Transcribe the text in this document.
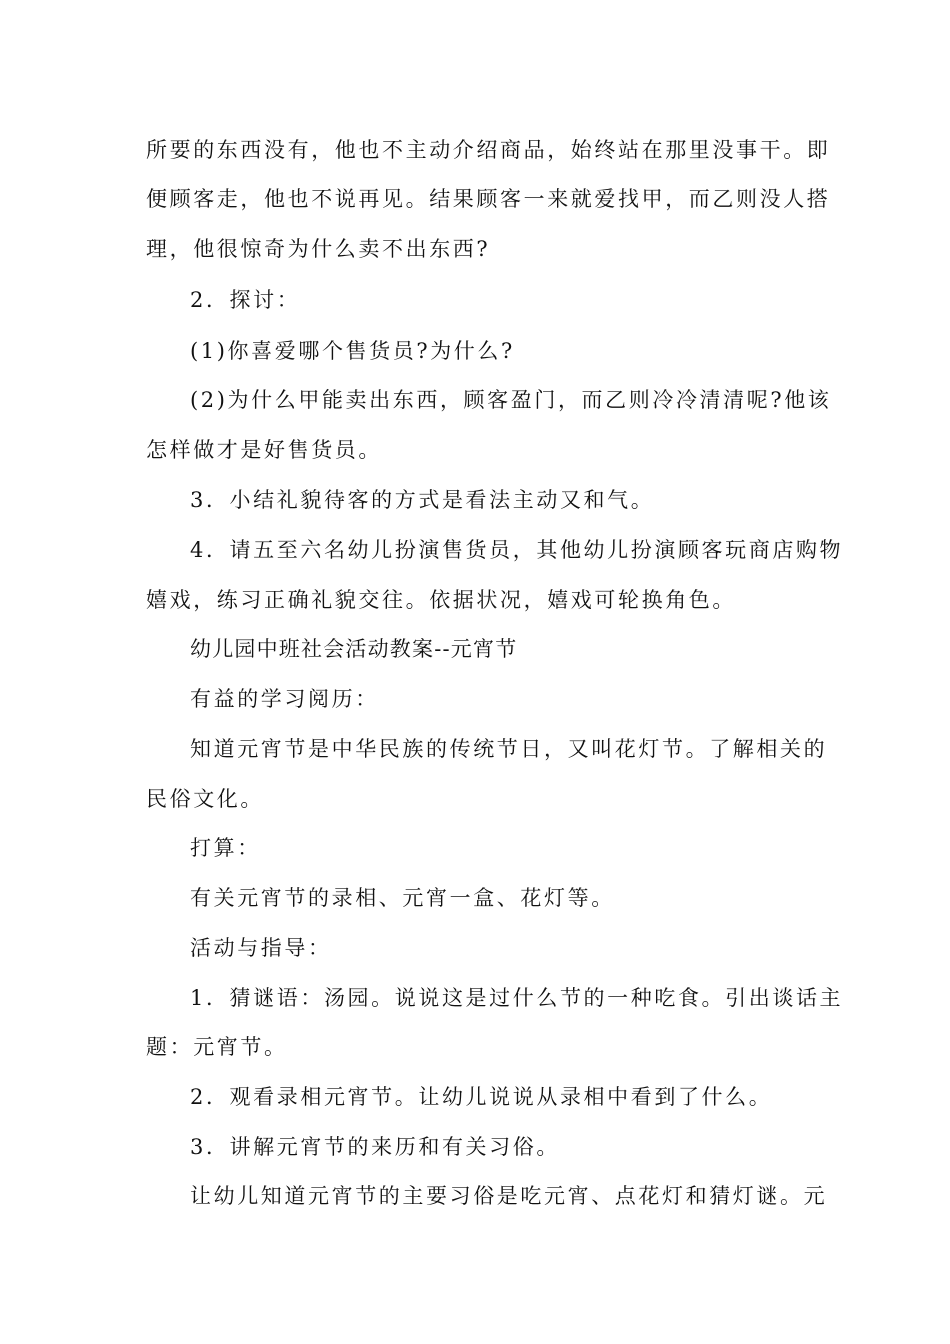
所要的东西没有，他也不主动介绍商品，始终站在那里没事干。即
便顾客走，他也不说再见。结果顾客一来就爱找甲，而乙则没人搭
理，他很惊奇为什么卖不出东西?
2．探讨：
(1)你喜爱哪个售货员?为什么?
(2)为什么甲能卖出东西，顾客盈门，而乙则冷冷清清呢?他该
怎样做才是好售货员。
3．小结礼貌待客的方式是看法主动又和气。
4．请五至六名幼儿扮演售货员，其他幼儿扮演顾客玩商店购物
嬉戏，练习正确礼貌交往。依据状况，嬉戏可轮换角色。
幼儿园中班社会活动教案--元宵节
有益的学习阅历：
知道元宵节是中华民族的传统节日，又叫花灯节。了解相关的
民俗文化。
打算：
有关元宵节的录相、元宵一盒、花灯等。
活动与指导：
1．猜谜语：汤园。说说这是过什么节的一种吃食。引出谈话主
题：元宵节。
2．观看录相元宵节。让幼儿说说从录相中看到了什么。
3．讲解元宵节的来历和有关习俗。
让幼儿知道元宵节的主要习俗是吃元宵、点花灯和猜灯谜。元
